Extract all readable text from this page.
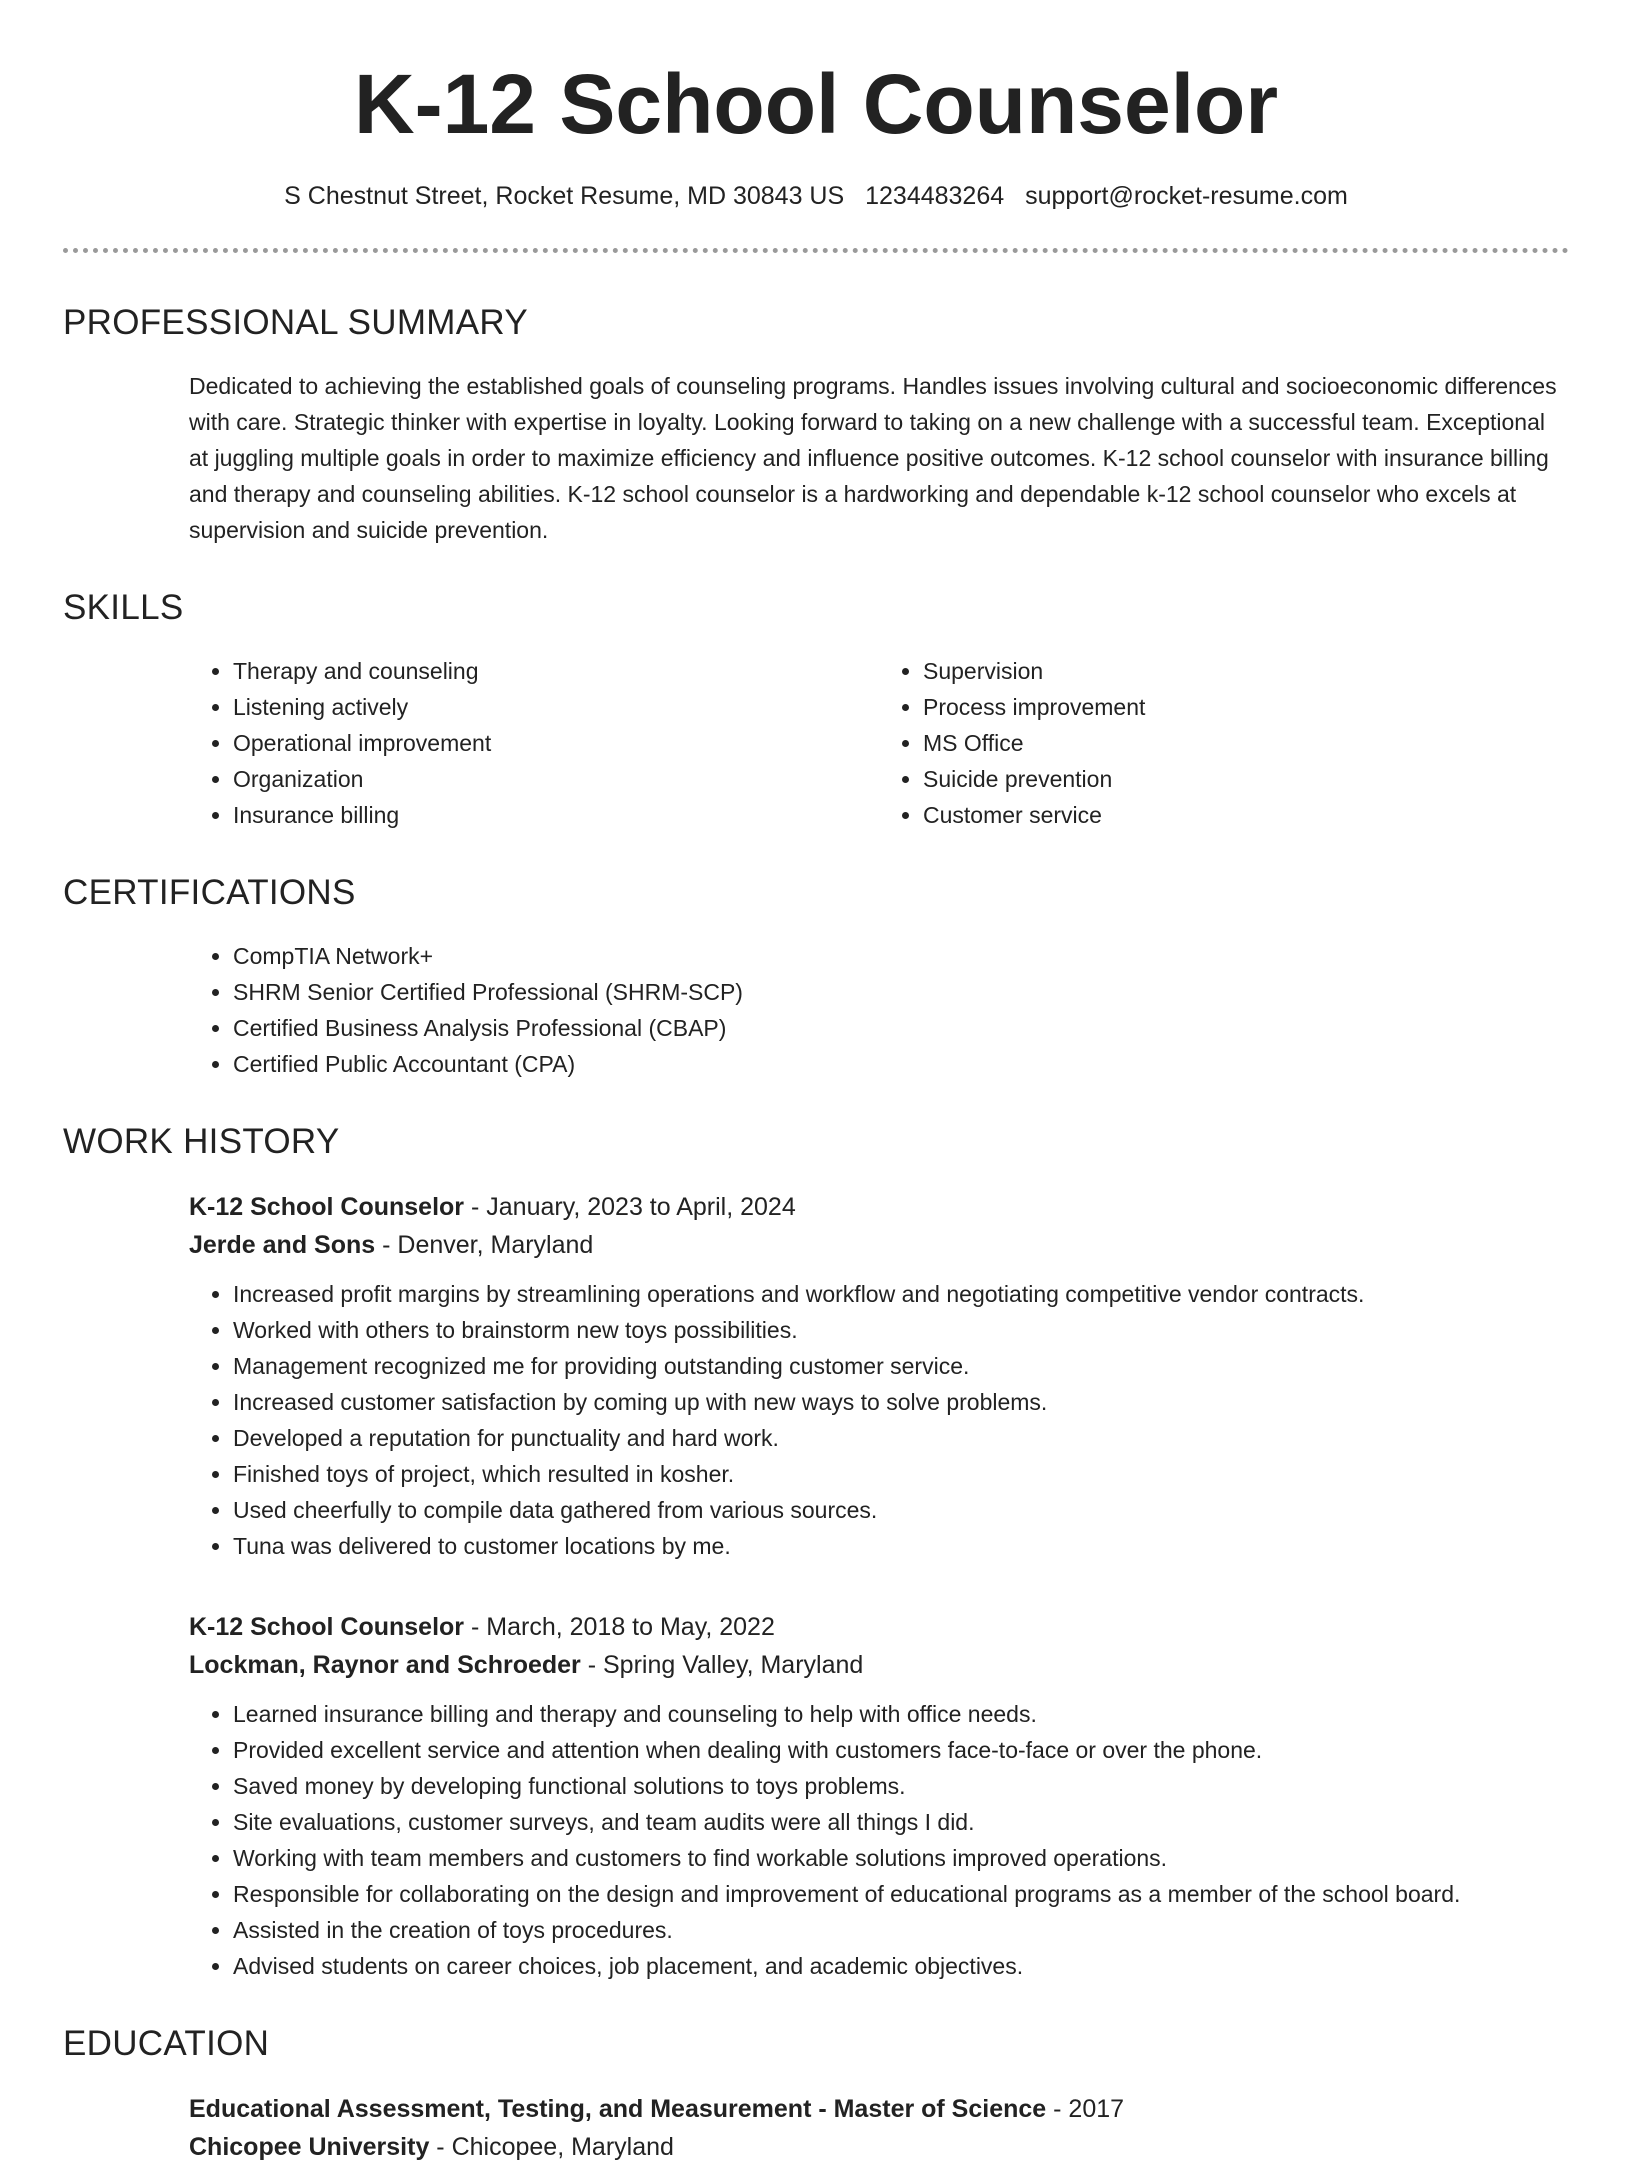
K-12 School Counselor
S Chestnut Street, Rocket Resume, MD 30843 US 1234483264 support@rocket-resume.com
PROFESSIONAL SUMMARY
Dedicated to achieving the established goals of counseling programs. Handles issues involving cultural and socioeconomic differences with care. Strategic thinker with expertise in loyalty. Looking forward to taking on a new challenge with a successful team. Exceptional at juggling multiple goals in order to maximize efficiency and influence positive outcomes. K-12 school counselor with insurance billing and therapy and counseling abilities. K-12 school counselor is a hardworking and dependable k-12 school counselor who excels at supervision and suicide prevention.
SKILLS
• Therapy and counseling
• Listening actively
• Operational improvement
• Organization
• Insurance billing
• Supervision
• Process improvement
• MS Office
• Suicide prevention
• Customer service
CERTIFICATIONS
• CompTIA Network+
• SHRM Senior Certified Professional (SHRM-SCP)
• Certified Business Analysis Professional (CBAP)
• Certified Public Accountant (CPA)
WORK HISTORY
K-12 School Counselor - January, 2023 to April, 2024
Jerde and Sons - Denver, Maryland
• Increased profit margins by streamlining operations and workflow and negotiating competitive vendor contracts.
• Worked with others to brainstorm new toys possibilities.
• Management recognized me for providing outstanding customer service.
• Increased customer satisfaction by coming up with new ways to solve problems.
• Developed a reputation for punctuality and hard work.
• Finished toys of project, which resulted in kosher.
• Used cheerfully to compile data gathered from various sources.
• Tuna was delivered to customer locations by me.
K-12 School Counselor - March, 2018 to May, 2022
Lockman, Raynor and Schroeder - Spring Valley, Maryland
• Learned insurance billing and therapy and counseling to help with office needs.
• Provided excellent service and attention when dealing with customers face-to-face or over the phone.
• Saved money by developing functional solutions to toys problems.
• Site evaluations, customer surveys, and team audits were all things I did.
• Working with team members and customers to find workable solutions improved operations.
• Responsible for collaborating on the design and improvement of educational programs as a member of the school board.
• Assisted in the creation of toys procedures.
• Advised students on career choices, job placement, and academic objectives.
EDUCATION
Educational Assessment, Testing, and Measurement - Master of Science - 2017
Chicopee University - Chicopee, Maryland
